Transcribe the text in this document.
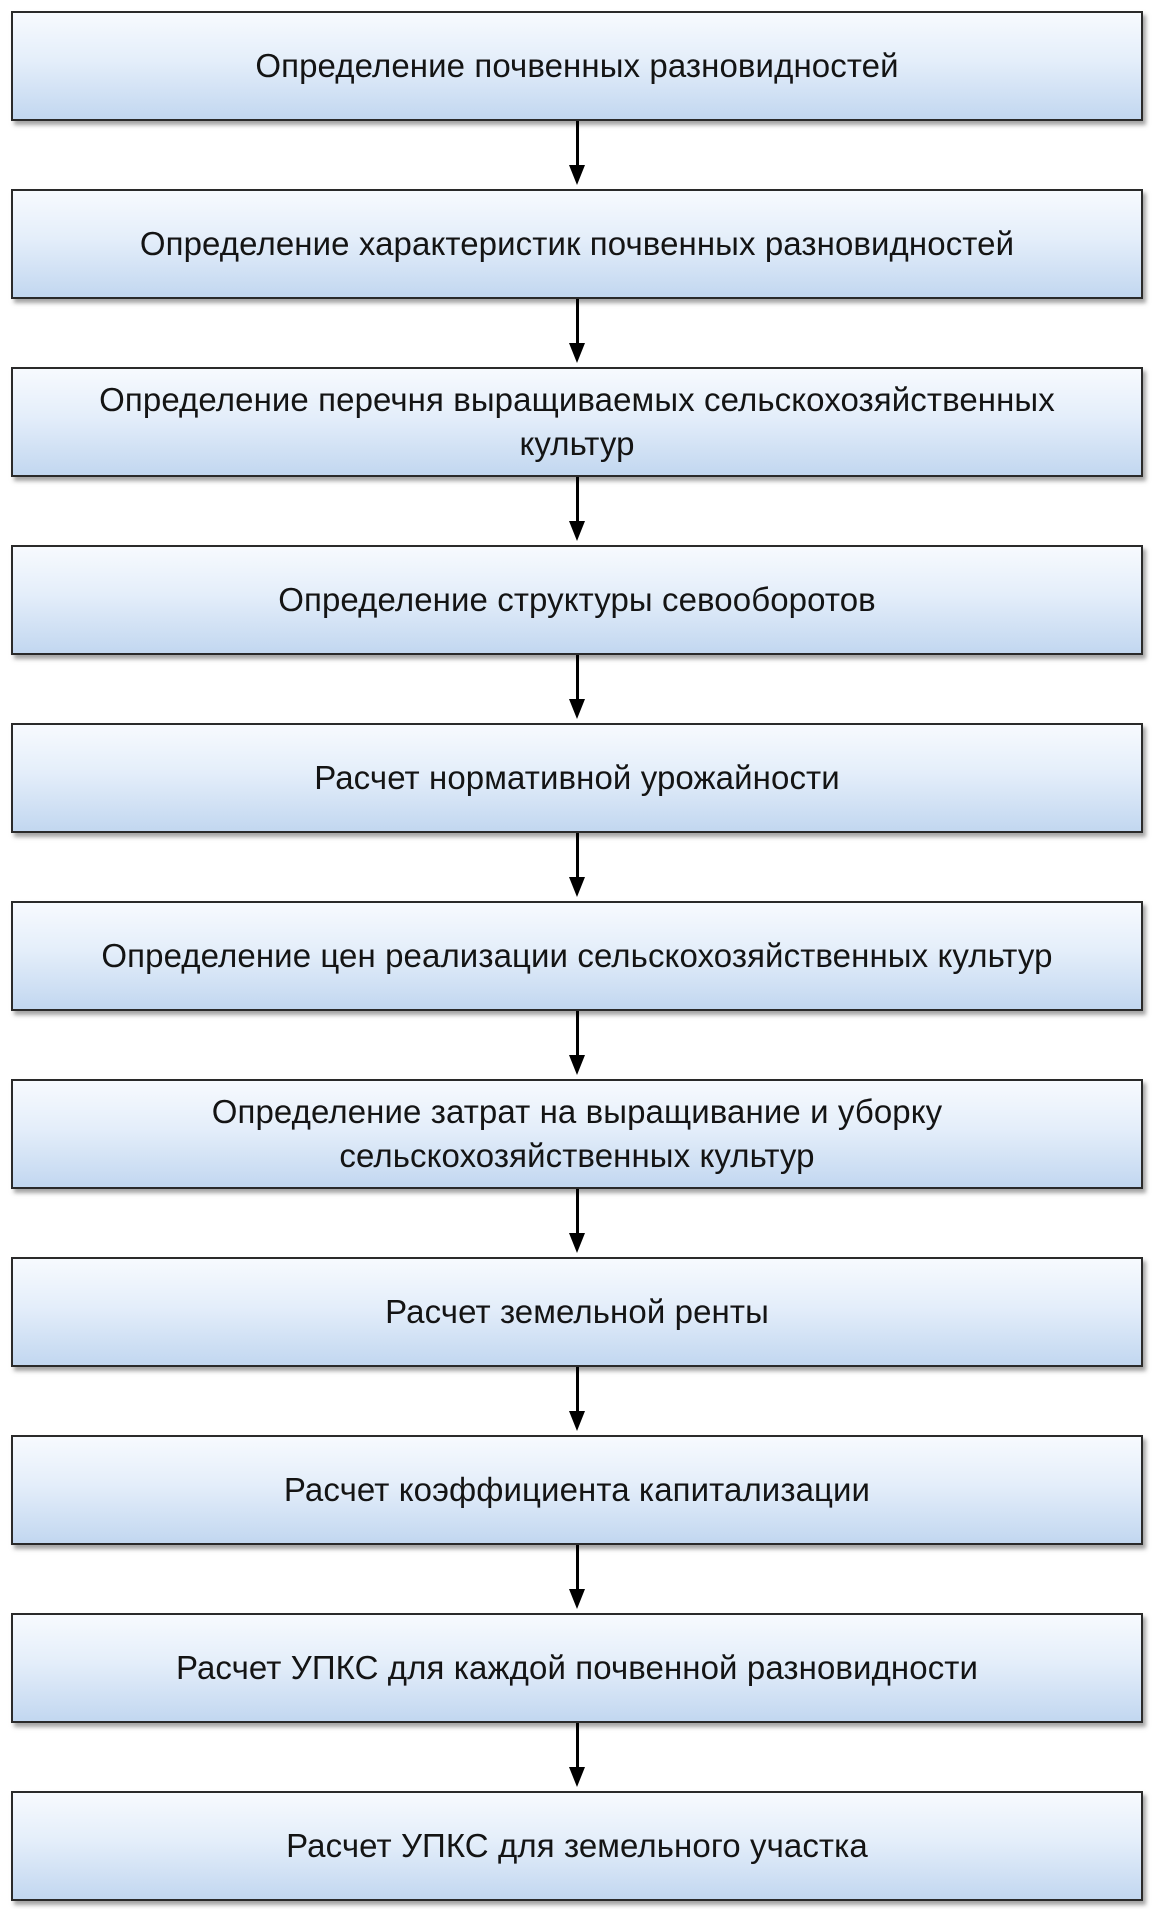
Определение почвенных разновидностей
Определение характеристик почвенных разновидностей
Определение перечня выращиваемых сельскохозяйственных культур
Определение структуры севооборотов
Расчет нормативной урожайности
Определение цен реализации сельскохозяйственных культур
Определение затрат на выращивание и уборку сельскохозяйственных культур
Расчет земельной ренты
Расчет коэффициента капитализации
Расчет УПКС для каждой почвенной разновидности
Расчет УПКС для земельного участка
